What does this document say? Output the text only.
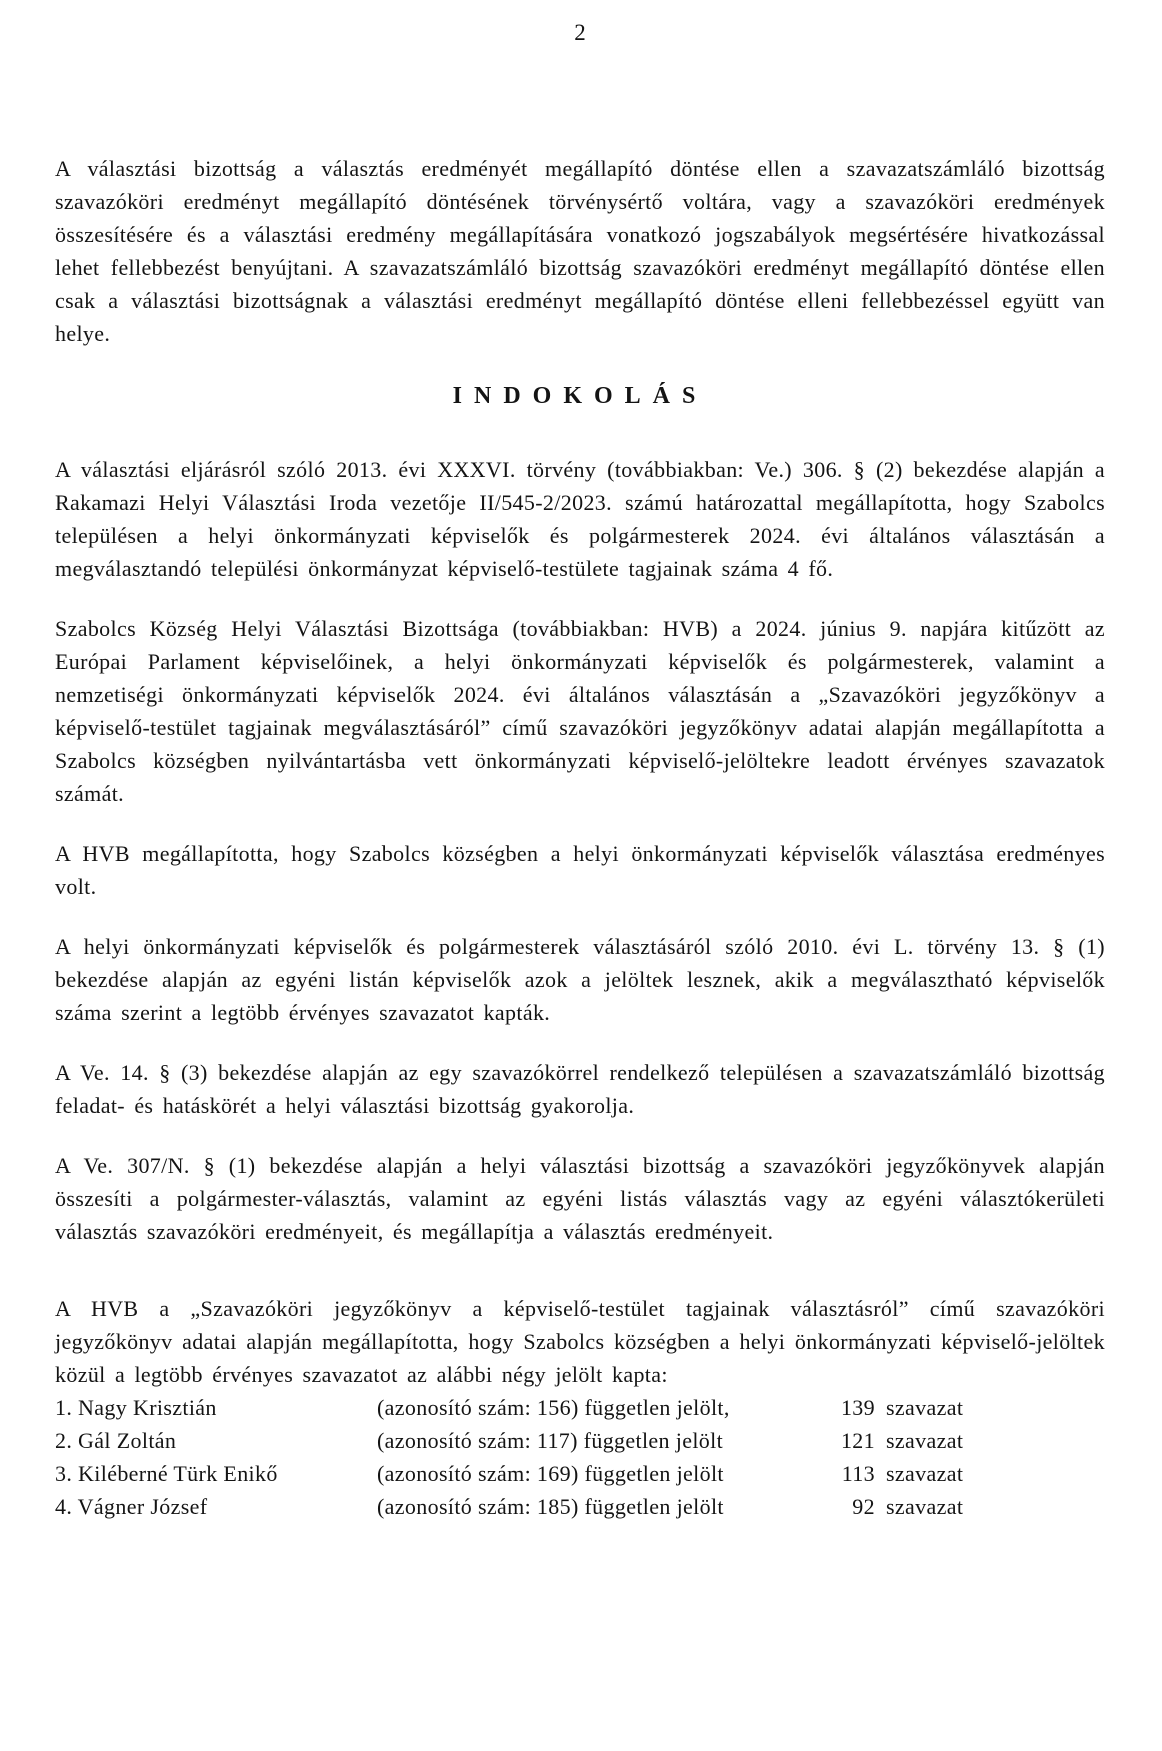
2

A választási bizottság a választás eredményét megállapító döntése ellen a szavazatszámláló bizottság szavazóköri eredményt megállapító döntésének törvénysértő voltára, vagy a szavazóköri eredmények összesítésére és a választási eredmény megállapítására vonatkozó jogszabályok megsértésére hivatkozással lehet fellebbezést benyújtani. A szavazatszámláló bizottság szavazóköri eredményt megállapító döntése ellen csak a választási bizottságnak a választási eredményt megállapító döntése elleni fellebbezéssel együtt van helye.

INDOKOLÁS

A választási eljárásról szóló 2013. évi XXXVI. törvény (továbbiakban: Ve.) 306. § (2) bekezdése alapján a Rakamazi Helyi Választási Iroda vezetője II/545-2/2023. számú határozattal megállapította, hogy Szabolcs településen a helyi önkormányzati képviselők és polgármesterek 2024. évi általános választásán a megválasztandó települési önkormányzat képviselő-testülete tagjainak száma 4 fő.

Szabolcs Község Helyi Választási Bizottsága (továbbiakban: HVB) a 2024. június 9. napjára kitűzött az Európai Parlament képviselőinek, a helyi önkormányzati képviselők és polgármesterek, valamint a nemzetiségi önkormányzati képviselők 2024. évi általános választásán a „Szavazóköri jegyzőkönyv a képviselő-testület tagjainak megválasztásáról” című szavazóköri jegyzőkönyv adatai alapján megállapította a Szabolcs községben nyilvántartásba vett önkormányzati képviselő-jelöltekre leadott érvényes szavazatok számát.

A HVB megállapította, hogy Szabolcs községben a helyi önkormányzati képviselők választása eredményes volt.

A helyi önkormányzati képviselők és polgármesterek választásáról szóló 2010. évi L. törvény 13. § (1) bekezdése alapján az egyéni listán képviselők azok a jelöltek lesznek, akik a megválasztható képviselők száma szerint a legtöbb érvényes szavazatot kapták.

A Ve. 14. § (3) bekezdése alapján az egy szavazókörrel rendelkező településen a szavazatszámláló bizottság feladat- és hatáskörét a helyi választási bizottság gyakorolja.

A Ve. 307/N. § (1) bekezdése alapján a helyi választási bizottság a szavazóköri jegyzőkönyvek alapján összesíti a polgármester-választás, valamint az egyéni listás választás vagy az egyéni választókerületi választás szavazóköri eredményeit, és megállapítja a választás eredményeit.

A HVB a „Szavazóköri jegyzőkönyv a képviselő-testület tagjainak választásról” című szavazóköri jegyzőkönyv adatai alapján megállapította, hogy Szabolcs községben a helyi önkormányzati képviselő-jelöltek közül a legtöbb érvényes szavazatot az alábbi négy jelölt kapta:

1. Nagy Krisztián	(azonosító szám: 156) független jelölt,	139 szavazat
2. Gál Zoltán	(azonosító szám: 117) független jelölt	121 szavazat
3. Kiléberné Türk Enikő	(azonosító szám: 169) független jelölt	113 szavazat
4. Vágner József	(azonosító szám: 185) független jelölt	92 szavazat
